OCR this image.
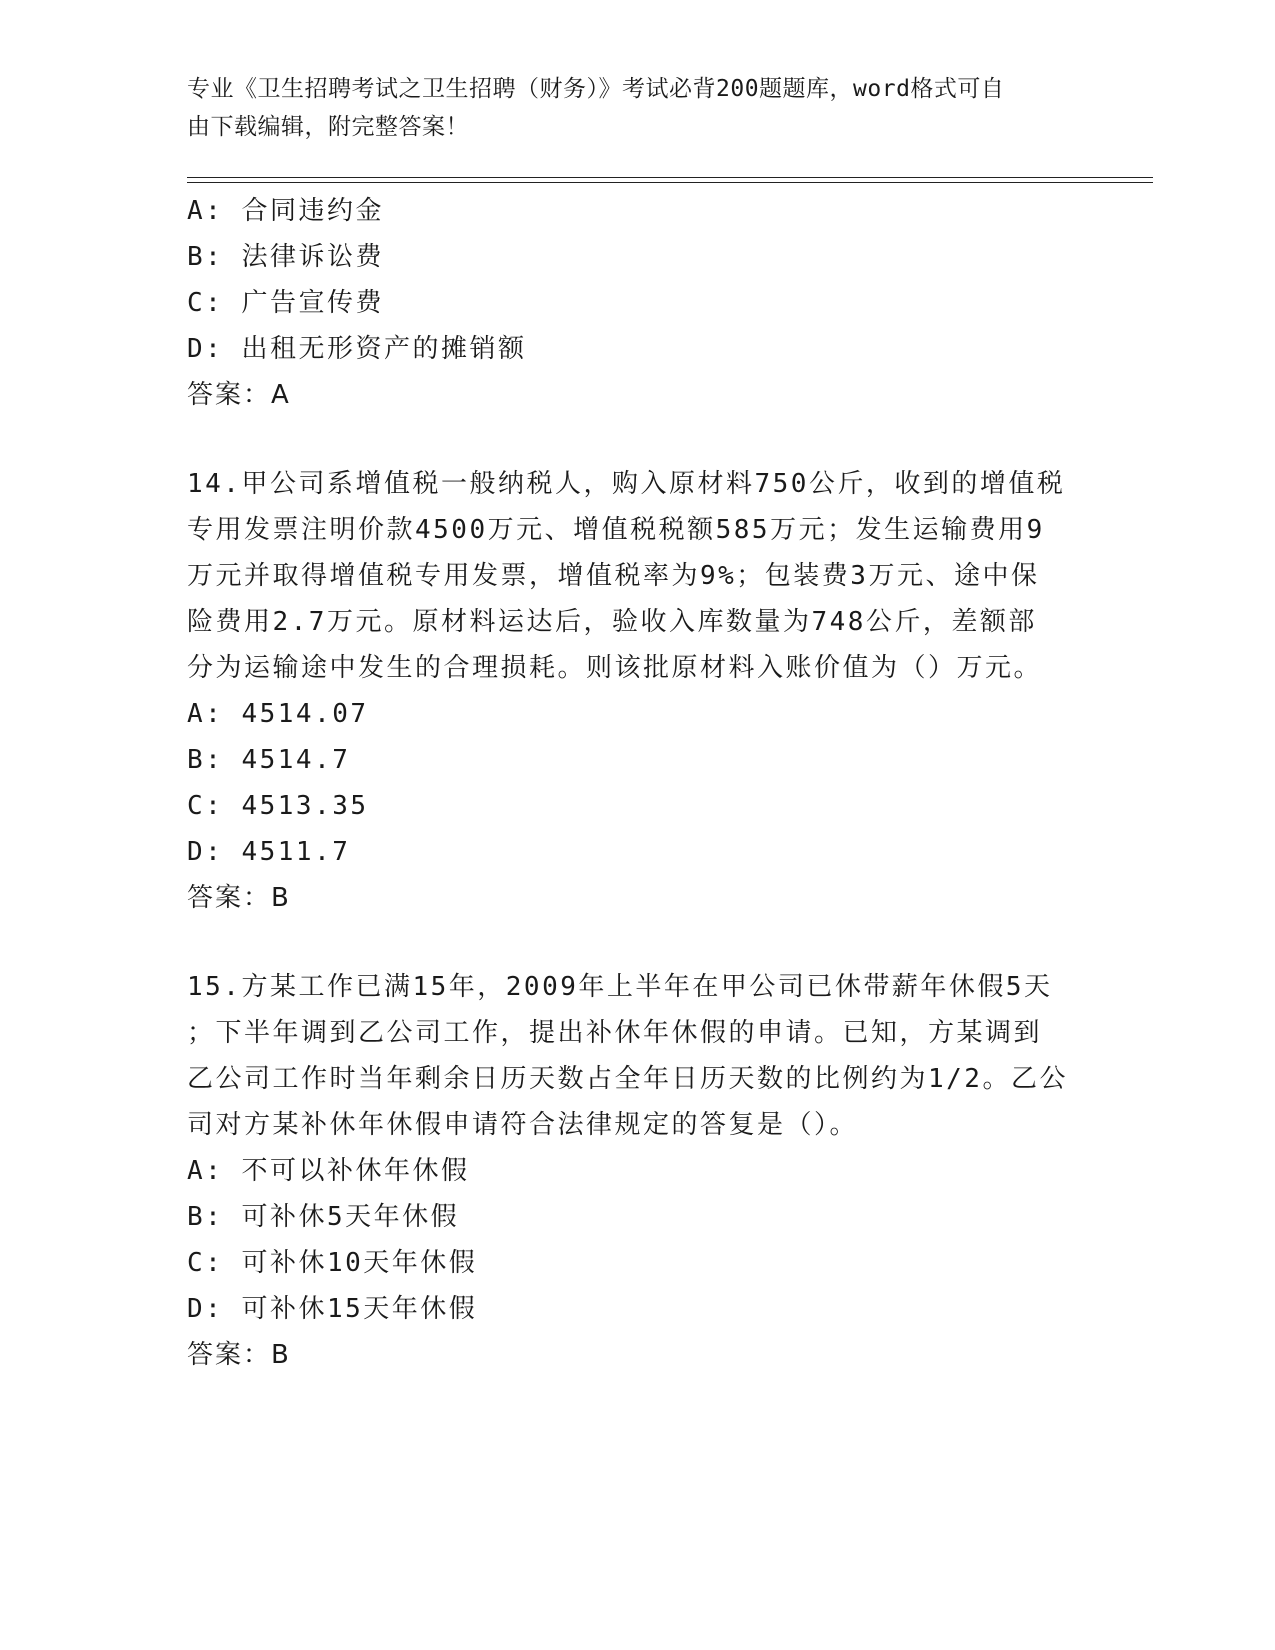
专业《卫生招聘考试之卫生招聘（财务）》考试必背200题题库，word格式可自
由下载编辑，附完整答案！
A: 合同违约金
B: 法律诉讼费
C: 广告宣传费
D: 出租无形资产的摊销额
答案：A
14.甲公司系增值税一般纳税人，购入原材料750公斤，收到的增值税
专用发票注明价款4500万元、增值税税额585万元；发生运输费用9
万元并取得增值税专用发票，增值税率为9%；包装费3万元、途中保
险费用2.7万元。原材料运达后，验收入库数量为748公斤，差额部
分为运输途中发生的合理损耗。则该批原材料入账价值为（）万元。
A: 4514.07
B: 4514.7
C: 4513.35
D: 4511.7
答案：B
15.方某工作已满15年，2009年上半年在甲公司已休带薪年休假5天
；下半年调到乙公司工作，提出补休年休假的申请。已知，方某调到
乙公司工作时当年剩余日历天数占全年日历天数的比例约为1/2。乙公
司对方某补休年休假申请符合法律规定的答复是（）。
A: 不可以补休年休假
B: 可补休5天年休假
C: 可补休10天年休假
D: 可补休15天年休假
答案：B
